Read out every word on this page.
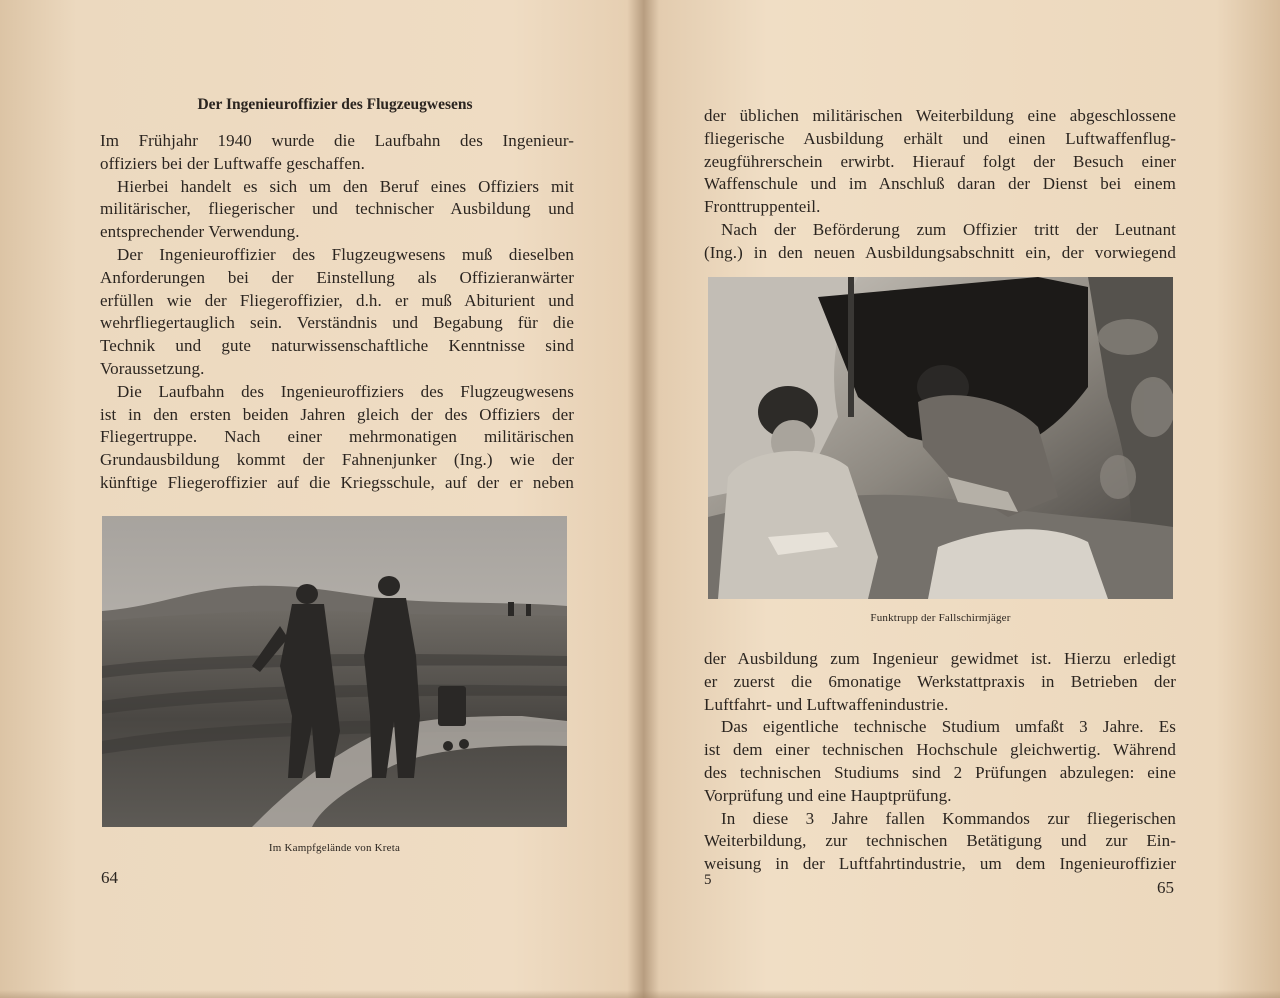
Der Ingenieuroffizier des Flugzeugwesens
Im Frühjahr 1940 wurde die Laufbahn des Ingenieur-
offiziers bei der Luftwaffe geschaffen.
Hierbei handelt es sich um den Beruf eines Offiziers mit
militärischer, fliegerischer und technischer Ausbildung und
entsprechender Verwendung.
Der Ingenieuroffizier des Flugzeugwesens muß dieselben
Anforderungen bei der Einstellung als Offizieranwärter
erfüllen wie der Fliegeroffizier, d.h. er muß Abiturient und
wehrfliegertauglich sein. Verständnis und Begabung für die
Technik und gute naturwissenschaftliche Kenntnisse sind
Voraussetzung.
Die Laufbahn des Ingenieuroffiziers des Flugzeugwesens
ist in den ersten beiden Jahren gleich der des Offiziers der
Fliegertruppe. Nach einer mehrmonatigen militärischen
Grundausbildung kommt der Fahnenjunker (Ing.) wie der
künftige Fliegeroffizier auf die Kriegsschule, auf der er neben
Im Kampfgelände von Kreta
64
der üblichen militärischen Weiterbildung eine abgeschlossene
fliegerische Ausbildung erhält und einen Luftwaffenflug-
zeugführerschein erwirbt. Hierauf folgt der Besuch einer
Waffenschule und im Anschluß daran der Dienst bei einem
Fronttruppenteil.
Nach der Beförderung zum Offizier tritt der Leutnant
(Ing.) in den neuen Ausbildungsabschnitt ein, der vorwiegend
Funktrupp der Fallschirmjäger
der Ausbildung zum Ingenieur gewidmet ist. Hierzu erledigt
er zuerst die 6monatige Werkstattpraxis in Betrieben der
Luftfahrt- und Luftwaffenindustrie.
Das eigentliche technische Studium umfaßt 3 Jahre. Es
ist dem einer technischen Hochschule gleichwertig. Während
des technischen Studiums sind 2 Prüfungen abzulegen: eine
Vorprüfung und eine Hauptprüfung.
In diese 3 Jahre fallen Kommandos zur fliegerischen
Weiterbildung, zur technischen Betätigung und zur Ein-
weisung in der Luftfahrtindustrie, um dem Ingenieuroffizier
5	65
